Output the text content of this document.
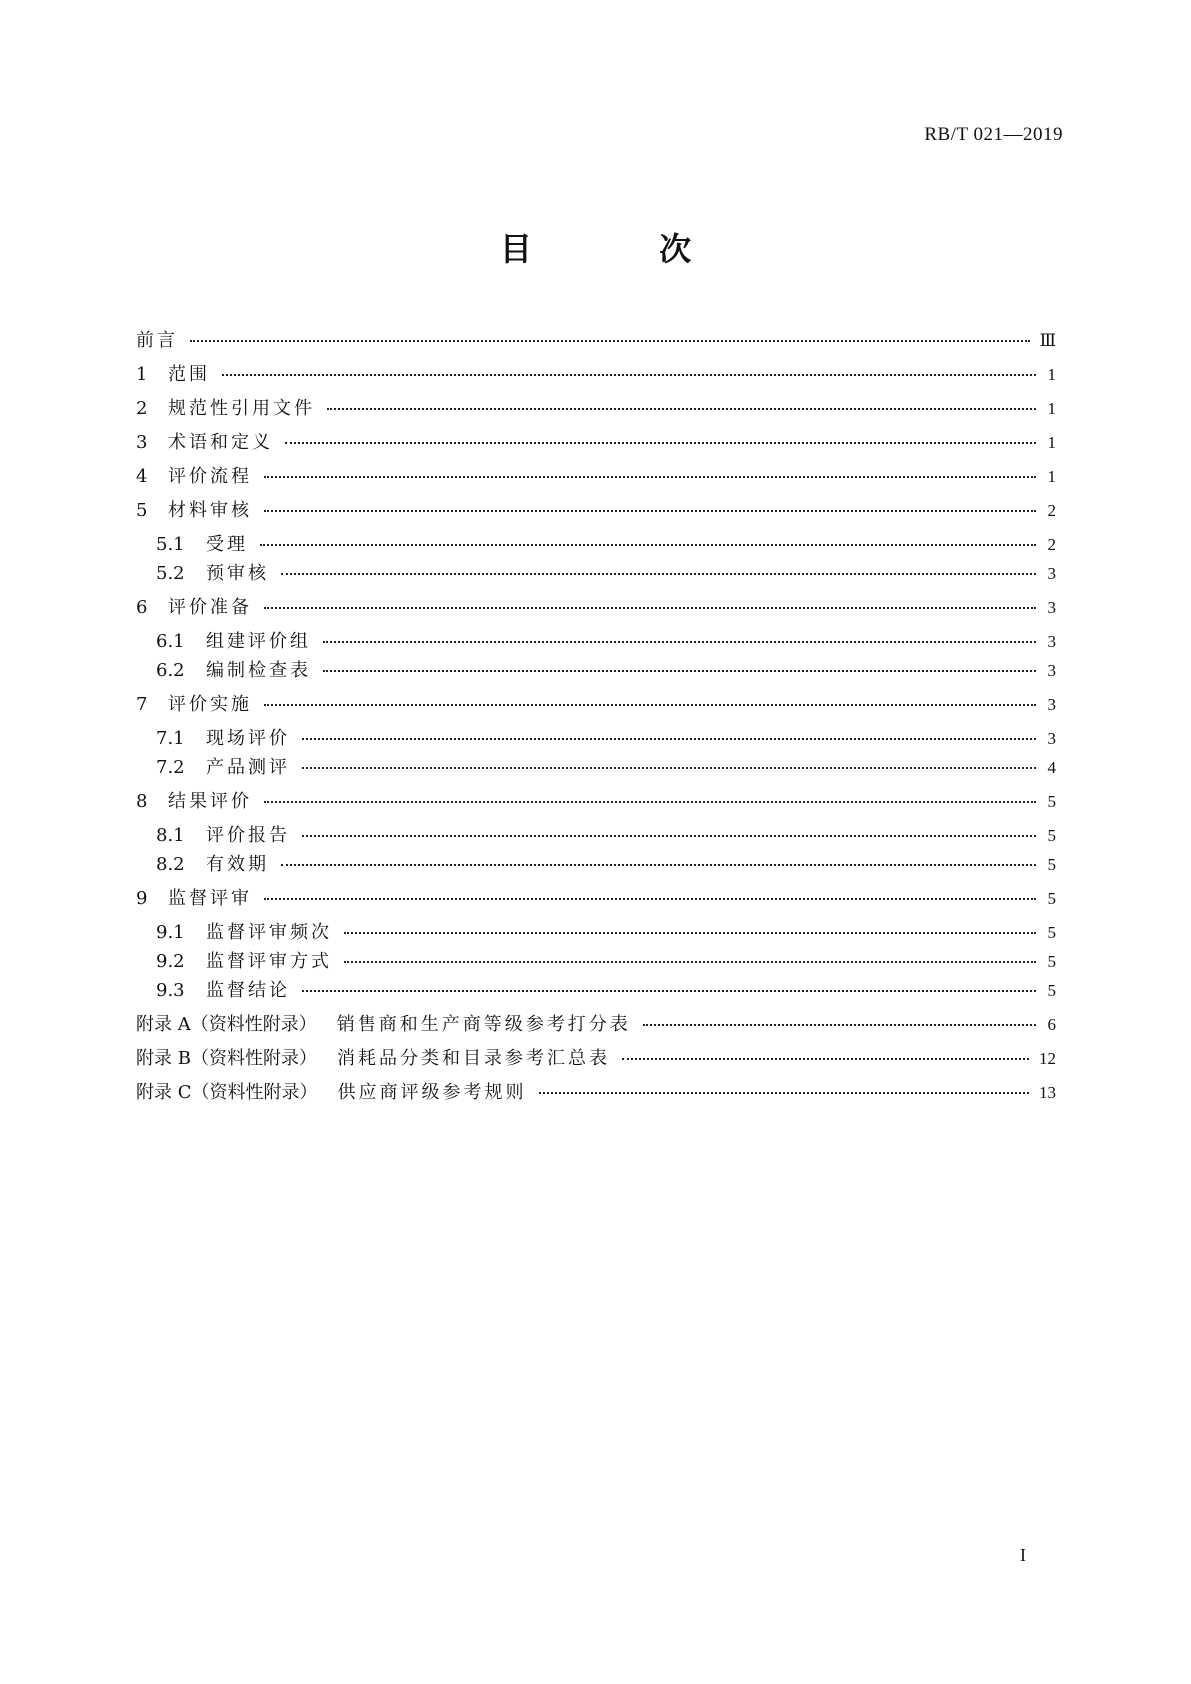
RB/T 021—2019
目 次
前言	Ⅲ
1	范围	1
2	规范性引用文件	1
3	术语和定义	1
4	评价流程	1
5	材料审核	2
5.1	受理	2
5.2	预审核	3
6	评价准备	3
6.1	组建评价组	3
6.2	编制检查表	3
7	评价实施	3
7.1	现场评价	3
7.2	产品测评	4
8	结果评价	5
8.1	评价报告	5
8.2	有效期	5
9	监督评审	5
9.1	监督评审频次	5
9.2	监督评审方式	5
9.3	监督结论	5
附录 A（资料性附录） 销售商和生产商等级参考打分表	6
附录 B（资料性附录） 消耗品分类和目录参考汇总表	12
附录 C（资料性附录） 供应商评级参考规则	13
I
